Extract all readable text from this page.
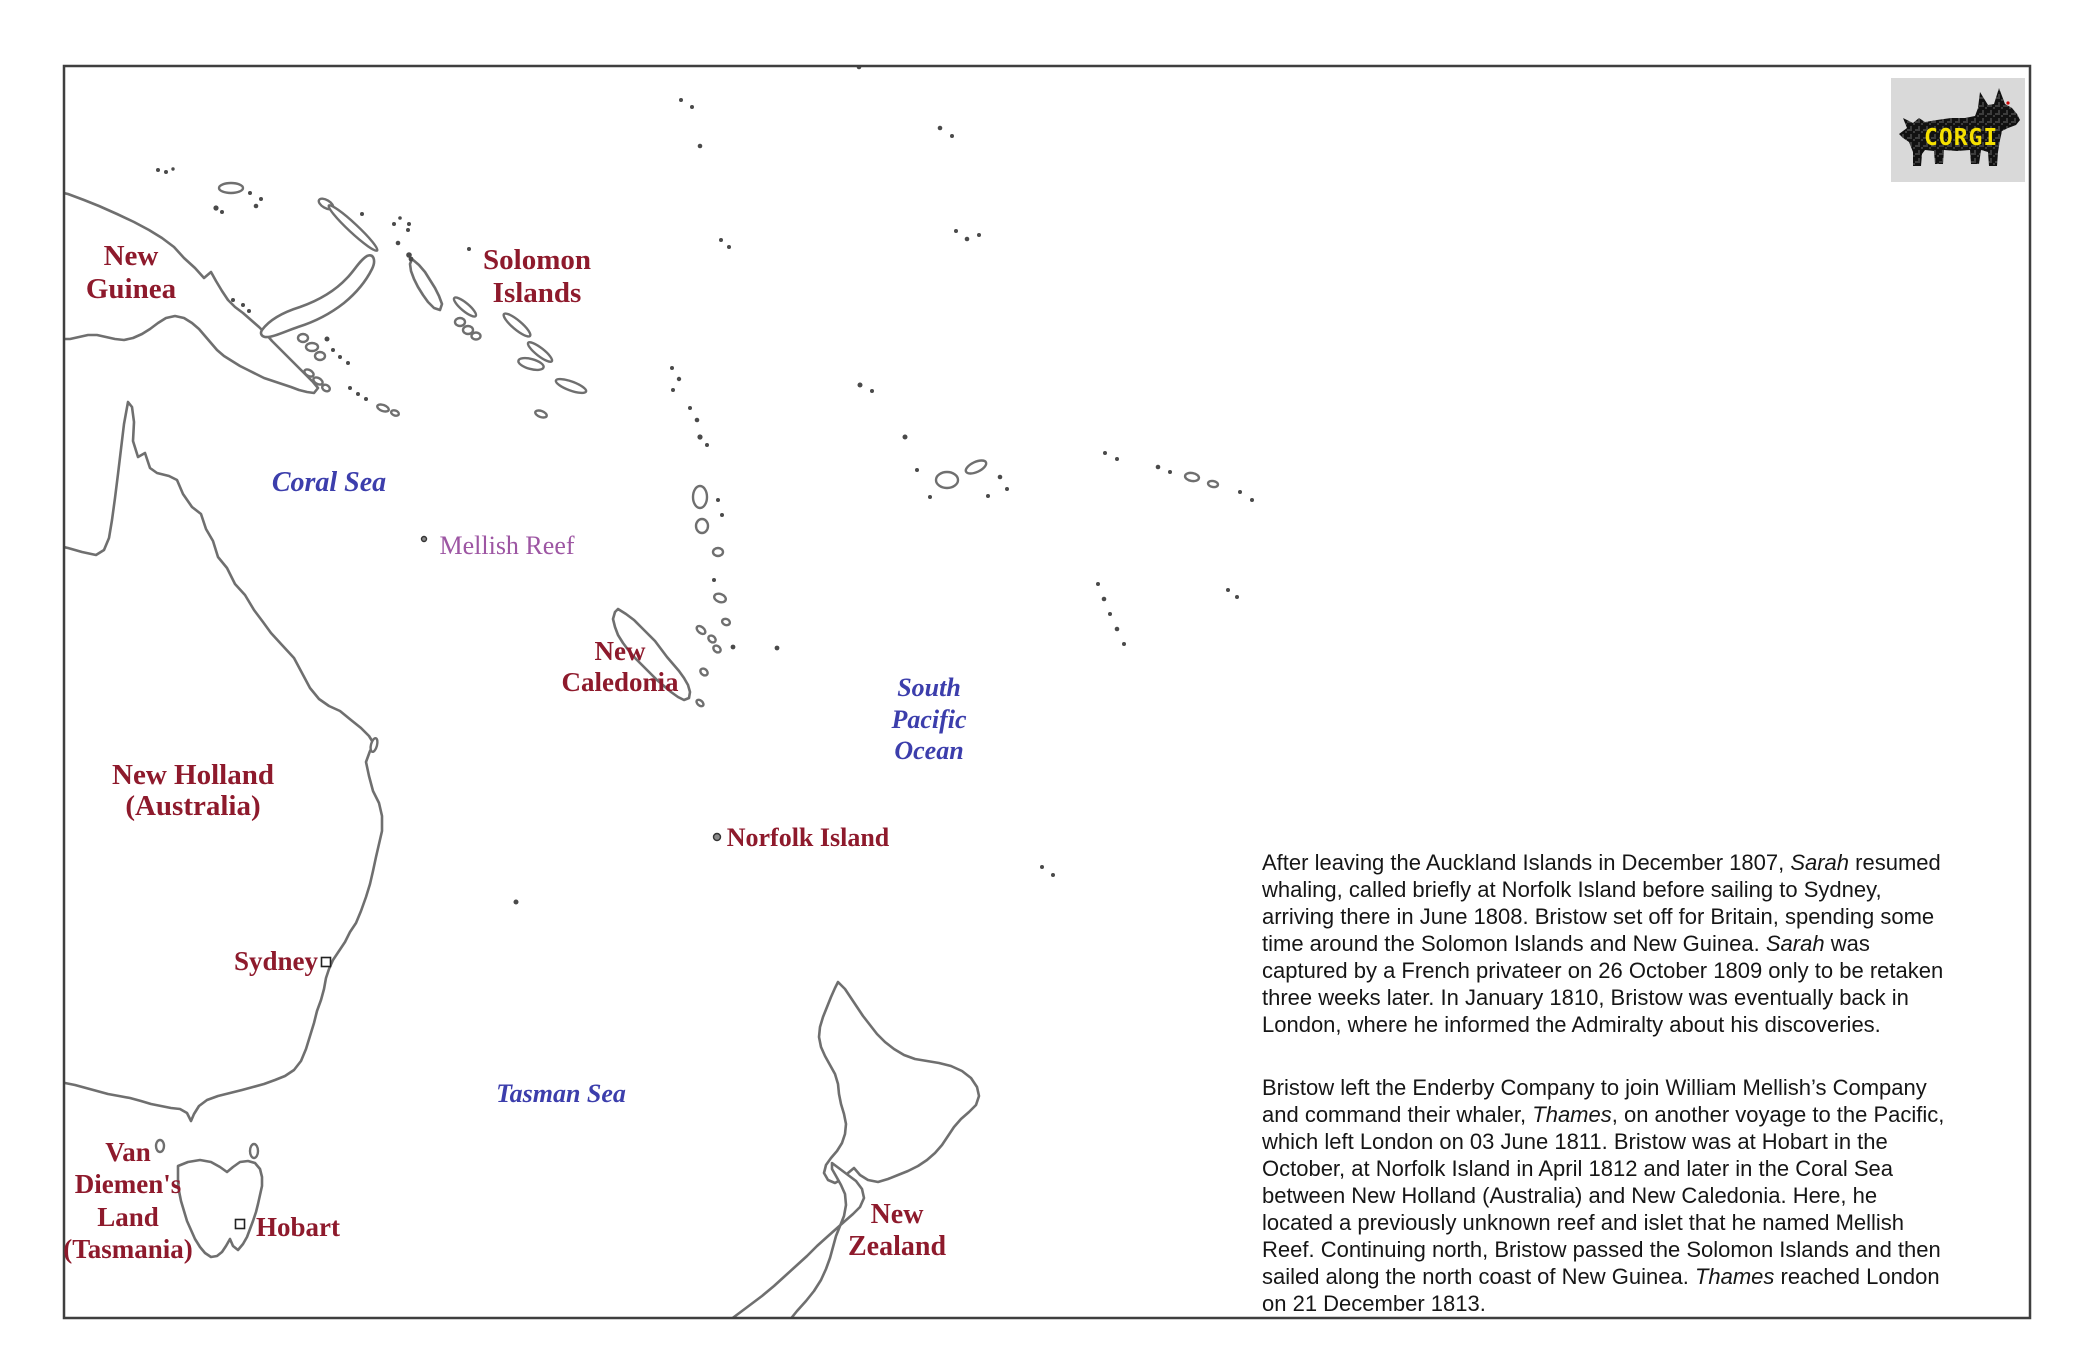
New
Guinea
Solomon
Islands
Coral Sea
Mellish Reef
New
Caledonia	South
Pacific
Ocean
New Holland
(Australia)
Sydney
Norfolk Island
Tasman Sea
Van
Diemen's
Land
(Tasmania)
Hobart	New
Zealand
After leaving the Auckland Islands in December 1807, Sarah resumed
whaling, called briefly at Norfolk Island before sailing to Sydney,
arriving there in June 1808. Bristow set off for Britain, spending some
time around the Solomon Islands and New Guinea. Sarah was
captured by a French privateer on 26 October 1809 only to be retaken
three weeks later. In January 1810, Bristow was eventually back in
London, where he informed the Admiralty about his discoveries.
Bristow left the Enderby Company to join William Mellish’s Company
and command their whaler, Thames, on another voyage to the Pacific,
which left London on 03 June 1811. Bristow was at Hobart in the
October, at Norfolk Island in April 1812 and later in the Coral Sea
between New Holland (Australia) and New Caledonia. Here, he
located a previously unknown reef and islet that he named Mellish
Reef. Continuing north, Bristow passed the Solomon Islands and then
sailed along the north coast of New Guinea. Thames reached London
on 21 December 1813.
CORGI
